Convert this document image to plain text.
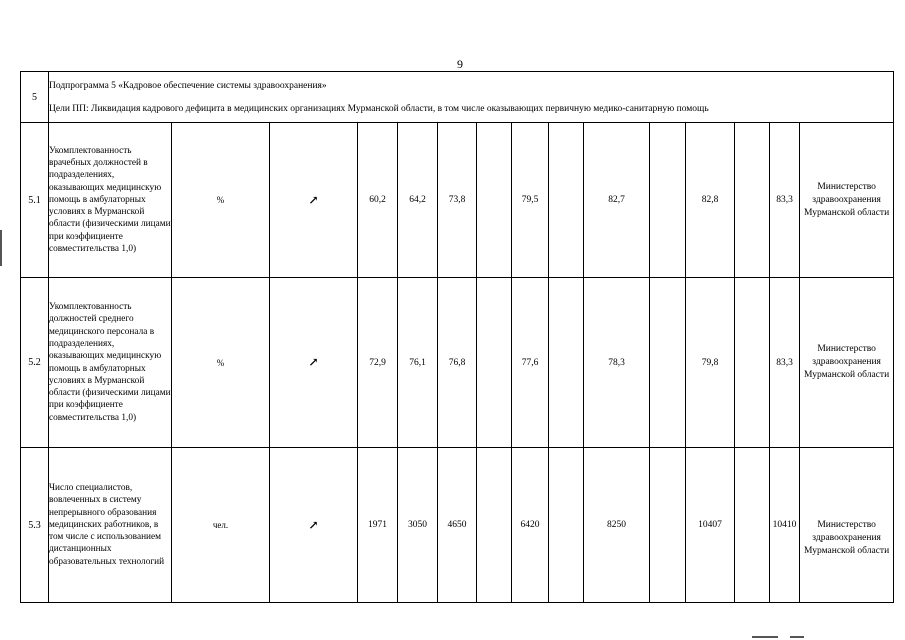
9
5	Подпрограмма 5 «Кадровое обеспечение системы здравоохранения»
Цели ПП: Ликвидация кадрового дефицита в медицинских организациях Мурманской области, в том числе оказывающих первичную медико-санитарную помощь														

5.1	Укомплектованность врачебных должностей в подразделениях, оказывающих медицинскую помощь в амбулаторных условиях в Мурманской области (физическими лицами при коэффициенте совместительства 1,0)	%	↗	60,2	64,2	73,8		79,5		82,7		82,8		83,3	Министерство здравоохранения Мурманской области
5.2	Укомплектованность должностей среднего медицинского персонала в подразделениях, оказывающих медицинскую помощь в амбулаторных условиях в Мурманской области (физическими лицами при коэффициенте совместительства 1,0)	%	↗	72,9	76,1	76,8		77,6		78,3		79,8		83,3	Министерство здравоохранения Мурманской области
5.3	Число специалистов, вовлеченных в систему непрерывного образования медицинских работников, в том числе с использованием дистанционных образовательных технологий	чел.	↗	1971	3050	4650		6420		8250		10407		10410	Министерство здравоохранения Мурманской области
